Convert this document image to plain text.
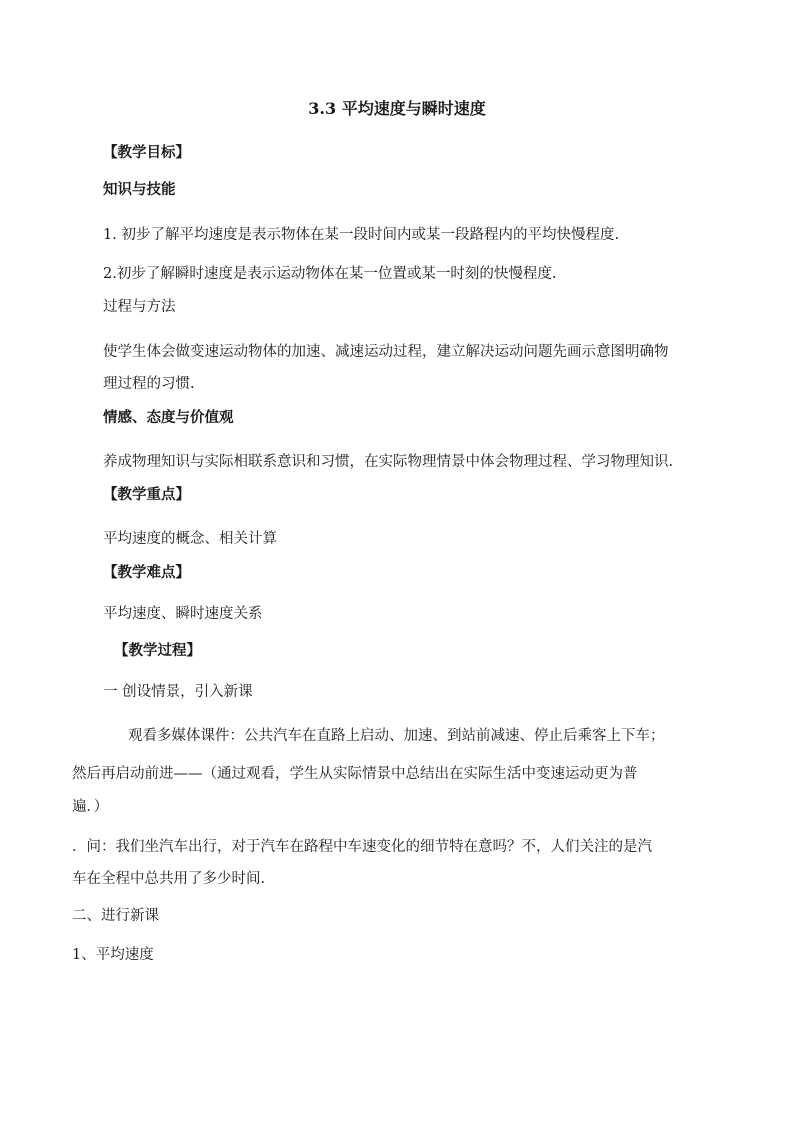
3.3 平均速度与瞬时速度

【教学目标】

知识与技能

1. 初步了解平均速度是表示物体在某一段时间内或某一段路程内的平均快慢程度.

2.初步了解瞬时速度是表示运动物体在某一位置或某一时刻的快慢程度.

过程与方法

使学生体会做变速运动物体的加速、减速运动过程，建立解决运动问题先画示意图明确物

理过程的习惯.

情感、态度与价值观

养成物理知识与实际相联系意识和习惯，在实际物理情景中体会物理过程、学习物理知识.

【教学重点】

平均速度的概念、相关计算

【教学难点】

平均速度、瞬时速度关系

【教学过程】

一 创设情景，引入新课

观看多媒体课件：公共汽车在直路上启动、加速、到站前减速、停止后乘客上下车；

然后再启动前进——（通过观看，学生从实际情景中总结出在实际生活中变速运动更为普

遍．）

．问：我们坐汽车出行，对于汽车在路程中车速变化的细节特在意吗？不，人们关注的是汽

车在全程中总共用了多少时间.

二、进行新课

1、平均速度
